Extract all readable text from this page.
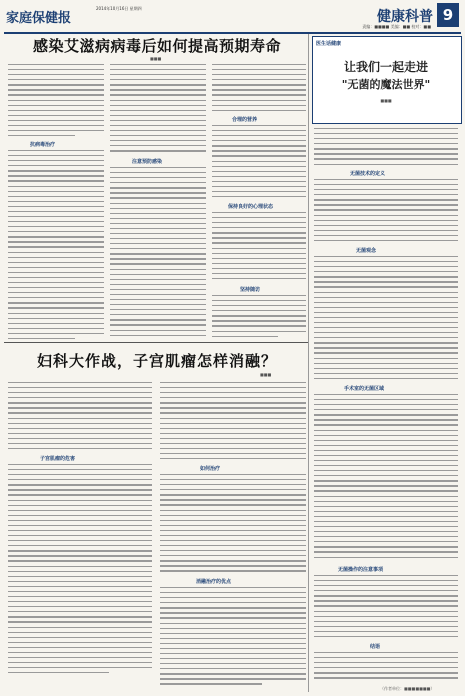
家庭保健报
2014年10月16日 星期四
健康科普 9
责编：■■■■ 美编：■■ 校对：■■
感染艾滋病病毒后如何提高预期寿命
■■■
抗病毒治疗
注意预防感染
合理的营养
保持良好的心理状态
坚持随访
妇科大作战，子宫肌瘤怎样消融？
■■■
子宫肌瘤的危害
如何治疗
消融治疗的优点
医生话健康
让我们一起走进
"无菌的魔法世界"
■■■
无菌技术的定义
无菌观念
手术室的无菌区域
无菌操作的注意事项
结语
（作者单位：■■■■■■■）
